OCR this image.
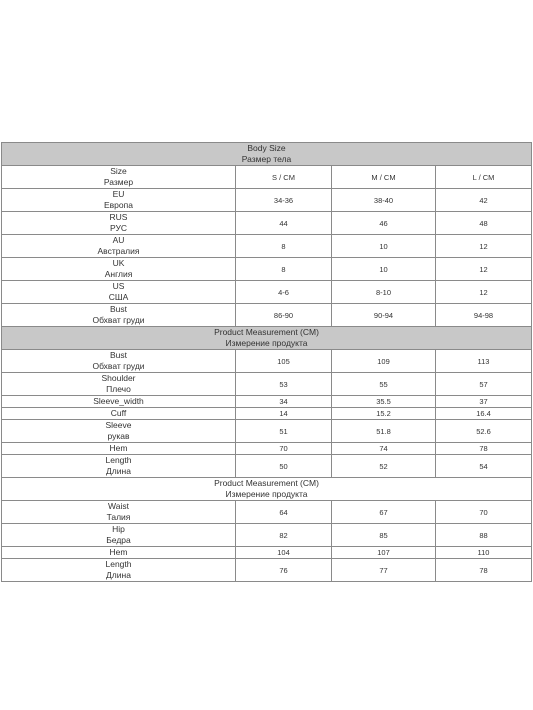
Body Size
Размер тела			

Size
Размер	S / CM	M / CM	L / CM

EU
Европа	34-36	38-40	42

RUS
РУС	44	46	48

AU
Австралия	8	10	12

UK
Англия	8	10	12

US
США	4-6	8-10	12

Bust
Обхват груди	86-90	90-94	94-98

Product Measurement (CM)
Измерение продукта			

Bust
Обхват груди	105	109	113

Shoulder
Плечо	53	55	57
Sleeve_width	34	35.5	37
Cuff	14	15.2	16.4

Sleeve
рукав	51	51.8	52.6
Hem	70	74	78

Length
Длина	50	52	54

Product Measurement (CM)
Измерение продукта			

Waist
Талия	64	67	70

Hip
Бедра	82	85	88
Hem	104	107	110

Length
Длина	76	77	78
